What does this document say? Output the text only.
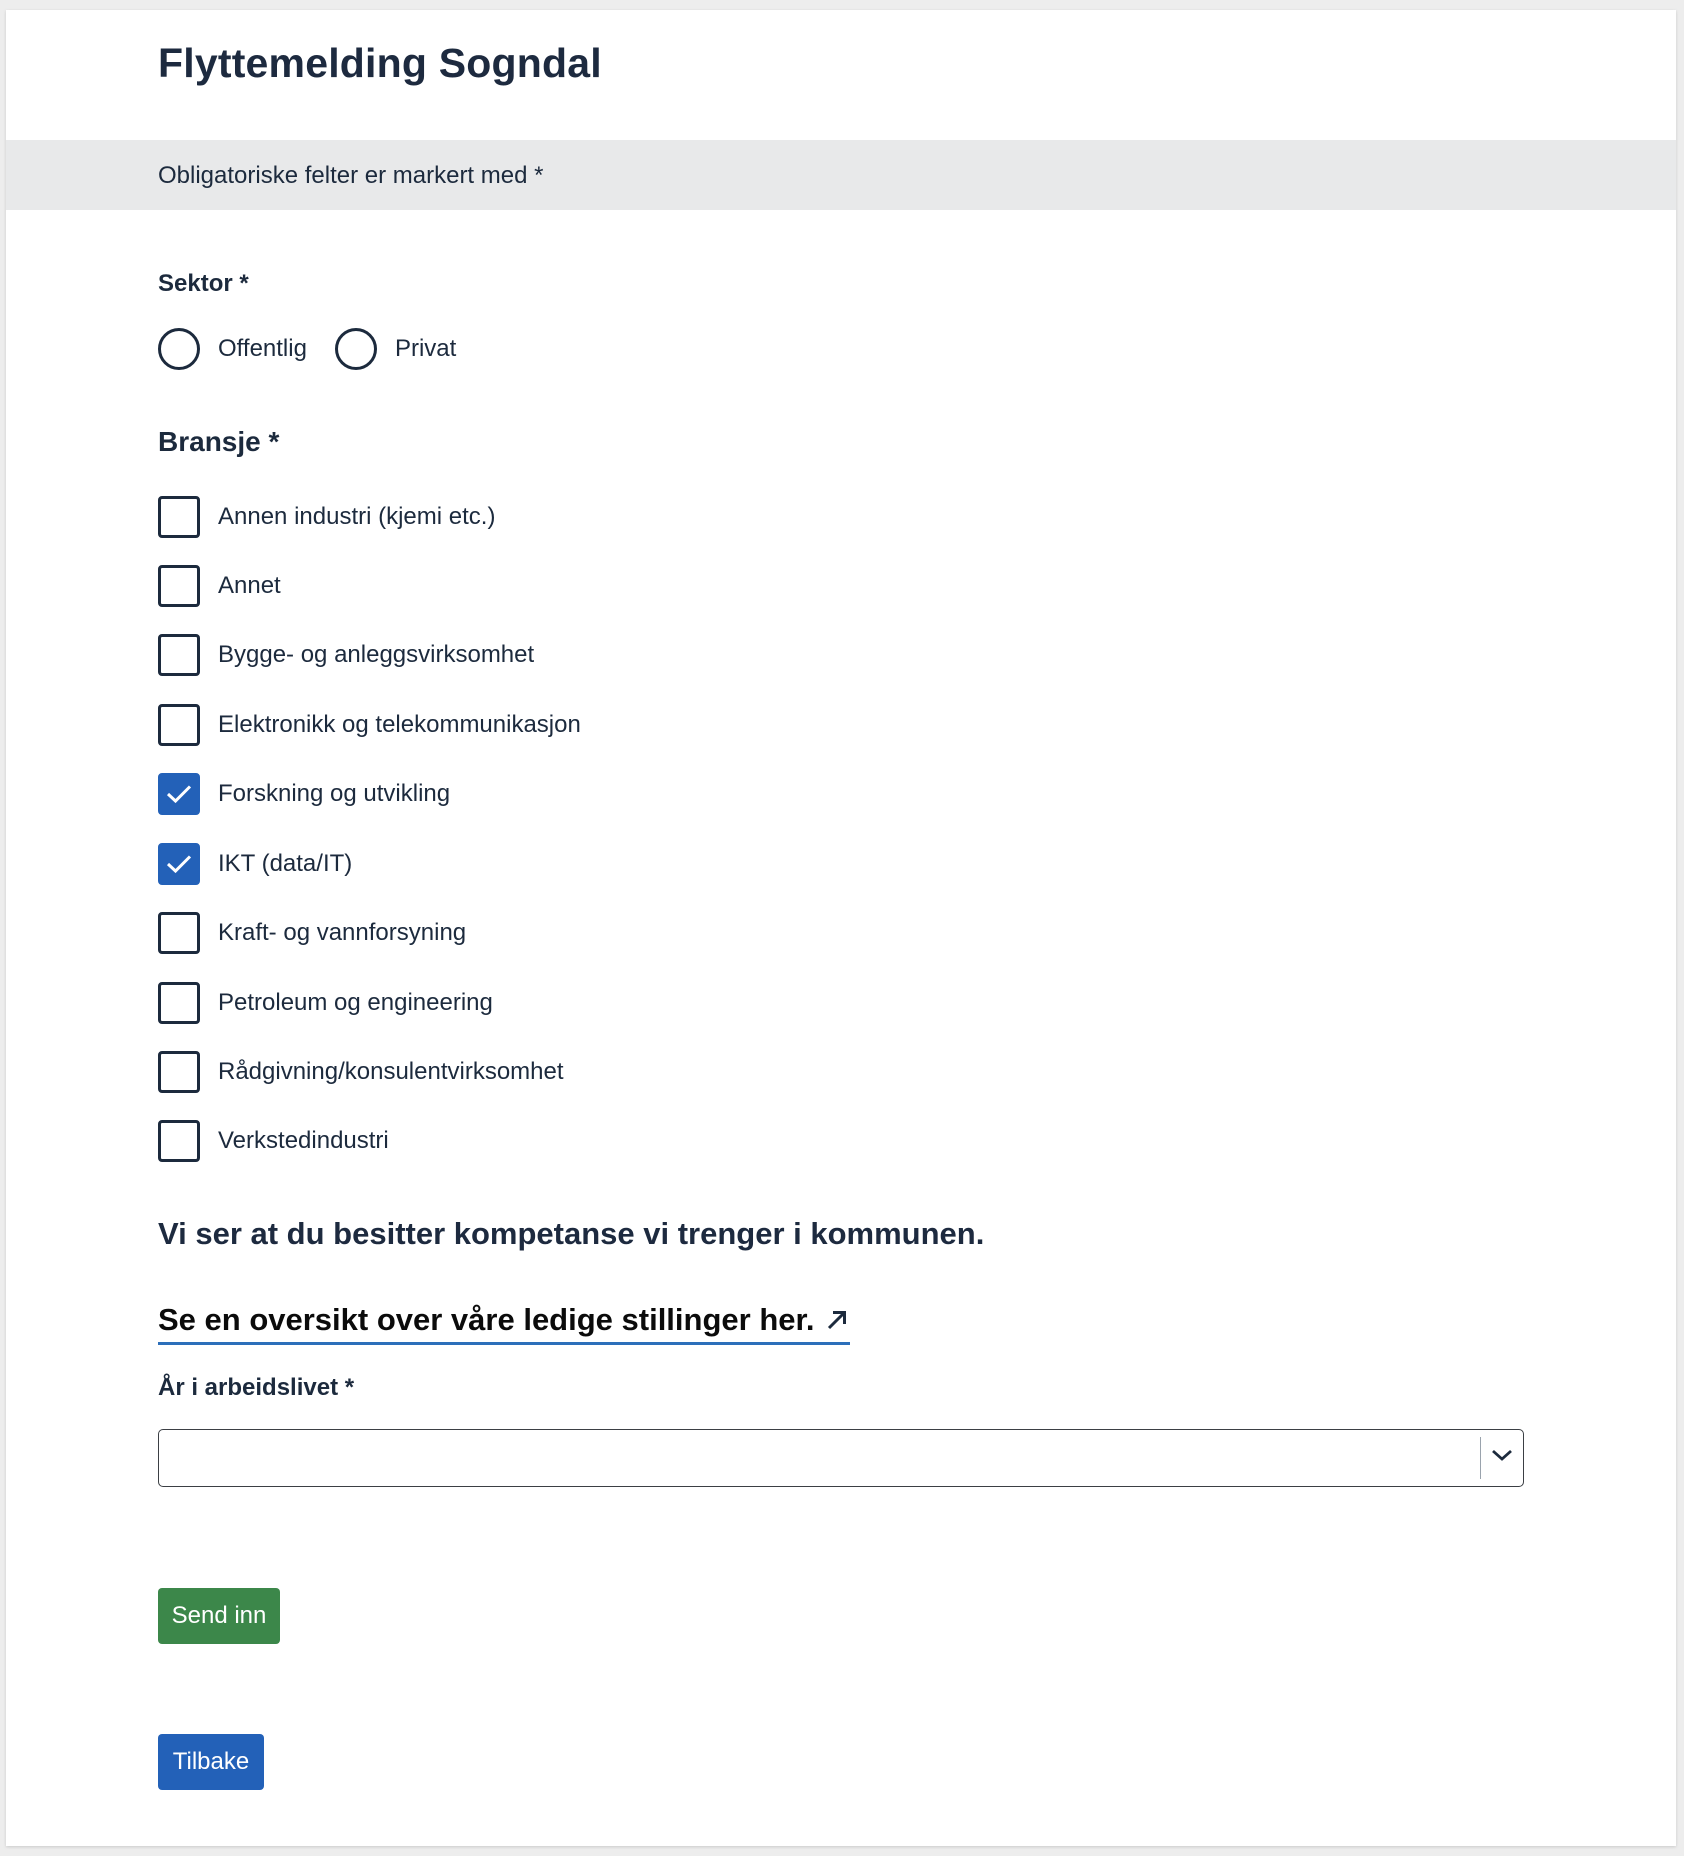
Flyttemelding Sogndal
Obligatoriske felter er markert med *
Sektor *
Offentlig	Privat
Bransje *
Annen industri (kjemi etc.)
Annet
Bygge- og anleggsvirksomhet
Elektronikk og telekommunikasjon
Forskning og utvikling
IKT (data/IT)
Kraft- og vannforsyning
Petroleum og engineering
Rådgivning/konsulentvirksomhet
Verkstedindustri

Vi ser at du besitter kompetanse vi trenger i kommunen.

Se en oversikt over våre ledige stillinger her.
År i arbeidslivet *
Send inn
Tilbake
